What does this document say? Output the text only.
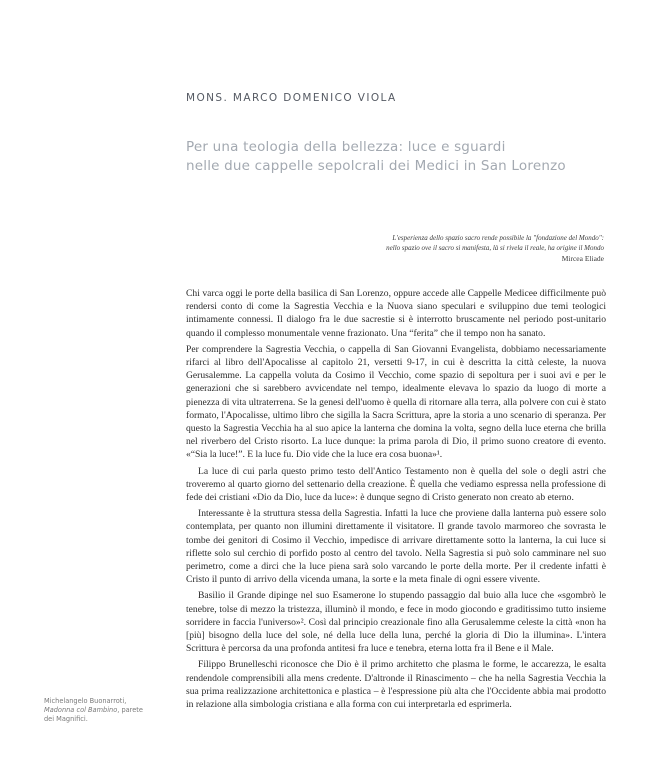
MONS. MARCO DOMENICO VIOLA
Per una teologia della bellezza: luce e sguardi
nelle due cappelle sepolcrali dei Medici in San Lorenzo
L'esperienza dello spazio sacro rende possibile la "fondazione del Mondo":
nello spazio ove il sacro si manifesta, là si rivela il reale, ha origine il Mondo
Mircea Eliade

Chi varca oggi le porte della basilica di San Lorenzo, oppure accede alle Cappelle Medicee difficilmente può rendersi conto di come la Sagrestia Vecchia e la Nuova siano speculari e sviluppino due temi teologici intimamente connessi. Il dialogo fra le due sacrestie si è interrotto bruscamente nel periodo post-unitario quando il complesso monumentale venne frazionato. Una “ferita” che il tempo non ha sanato.

Per comprendere la Sagrestia Vecchia, o cappella di San Giovanni Evangelista, dobbiamo necessariamente rifarci al libro dell'Apocalisse al capitolo 21, versetti 9-17, in cui è descritta la città celeste, la nuova Gerusalemme. La cappella voluta da Cosimo il Vecchio, come spazio di sepoltura per i suoi avi e per le generazioni che si sarebbero avvicendate nel tempo, idealmente elevava lo spazio da luogo di morte a pienezza di vita ultraterrena. Se la genesi dell'uomo è quella di ritornare alla terra, alla polvere con cui è stato formato, l'Apocalisse, ultimo libro che sigilla la Sacra Scrittura, apre la storia a uno scenario di speranza. Per questo la Sagrestia Vecchia ha al suo apice la lanterna che domina la volta, segno della luce eterna che brilla nel riverbero del Cristo risorto. La luce dunque: la prima parola di Dio, il primo suono creatore di evento. «“Sia la luce!”. E la luce fu. Dio vide che la luce era cosa buona»¹.

La luce di cui parla questo primo testo dell'Antico Testamento non è quella del sole o degli astri che troveremo al quarto giorno del settenario della creazione. È quella che vediamo espressa nella professione di fede dei cristiani «Dio da Dio, luce da luce»: è dunque segno di Cristo generato non creato ab eterno.

Interessante è la struttura stessa della Sagrestia. Infatti la luce che proviene dalla lanterna può essere solo contemplata, per quanto non illumini direttamente il visitatore. Il grande tavolo marmoreo che sovrasta le tombe dei genitori di Cosimo il Vecchio, impedisce di arrivare direttamente sotto la lanterna, la cui luce si riflette solo sul cerchio di porfido posto al centro del tavolo. Nella Sagrestia si può solo camminare nel suo perimetro, come a dirci che la luce piena sarà solo varcando le porte della morte. Per il credente infatti è Cristo il punto di arrivo della vicenda umana, la sorte e la meta finale di ogni essere vivente.

Basilio il Grande dipinge nel suo Esamerone lo stupendo passaggio dal buio alla luce che «sgombrò le tenebre, tolse di mezzo la tristezza, illuminò il mondo, e fece in modo giocondo e graditissimo tutto insieme sorridere in faccia l'universo»². Così dal principio creazionale fino alla Gerusalemme celeste la città «non ha [più] bisogno della luce del sole, né della luce della luna, perché la gloria di Dio la illumina». L'intera Scrittura è percorsa da una profonda antitesi fra luce e tenebra, eterna lotta fra il Bene e il Male.

Filippo Brunelleschi riconosce che Dio è il primo architetto che plasma le forme, le accarezza, le esalta rendendole comprensibili alla mens credente. D'altronde il Rinascimento – che ha nella Sagrestia Vecchia la sua prima realizzazione architettonica e plastica – è l'espressione più alta che l'Occidente abbia mai prodotto in relazione alla simbologia cristiana e alla forma con cui interpretarla ed esprimerla.

Michelangelo Buonarroti, Madonna col Bambino, parete dei Magnifici.
